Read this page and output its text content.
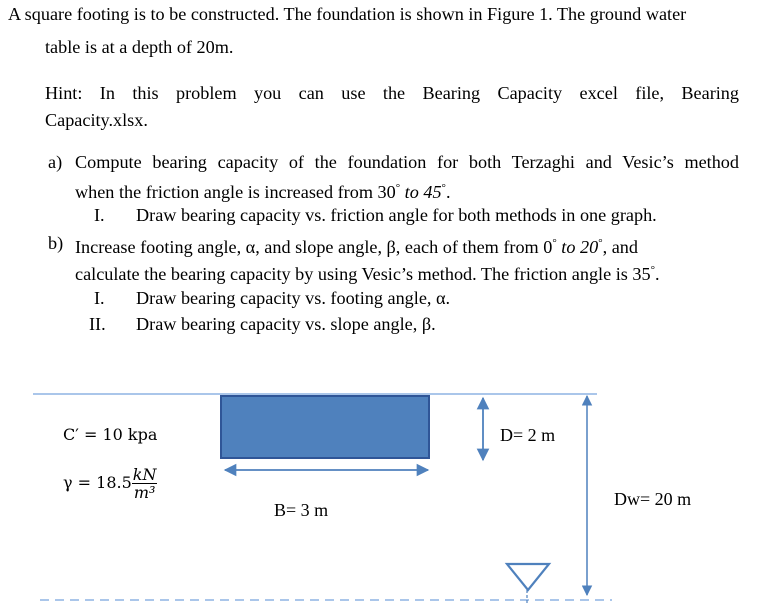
A square footing is to be constructed. The foundation is shown in Figure 1. The ground water
table is at a depth of 20m.
Hint: In this problem you can use the Bearing Capacity excel file, Bearing
Capacity.xlsx.
a) Compute bearing capacity of the foundation for both Terzaghi and Vesic’s method
when the friction angle is increased from 30° to 45°.
I. Draw bearing capacity vs. friction angle for both methods in one graph.
b) Increase footing angle, α, and slope angle, β, each of them from 0° to 20°, and
calculate the bearing capacity by using Vesic’s method. The friction angle is 35°.
I. Draw bearing capacity vs. footing angle, α.
II. Draw bearing capacity vs. slope angle, β.
C′ = 10 kpa
$\gamma = 18.5 \frac{kN}{\text{m³}}$
B= 3 m
D= 2 m
Dw= 20 m
